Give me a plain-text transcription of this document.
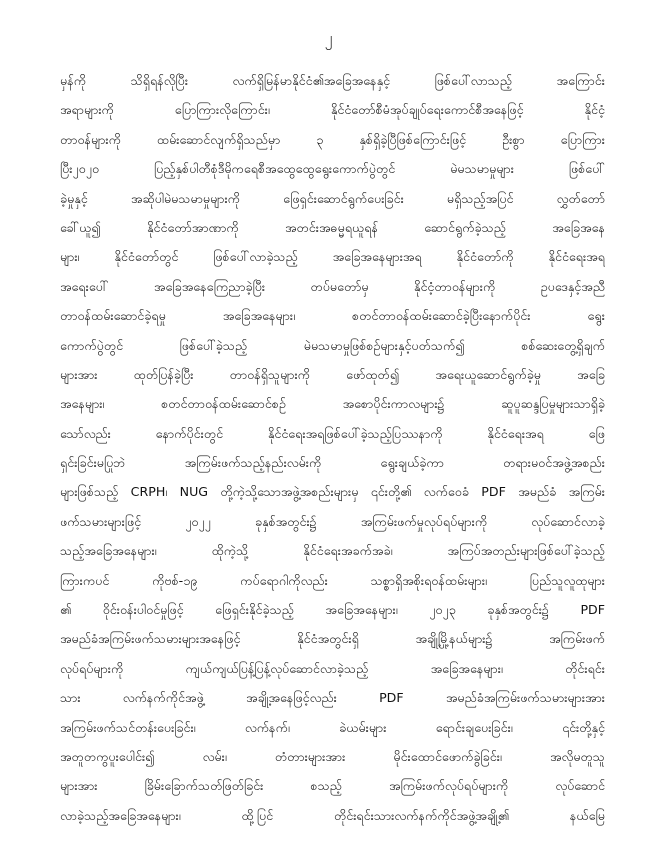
၂
မှန်ကို သိရှိရန်လိုပြီး လက်ရှိမြန်မာနိုင်ငံ၏အခြေအနေနှင့် ဖြစ်ပေါ်လာသည့် အကြောင်း
အရာများကို ပြောကြားလိုကြောင်း၊ နိုင်ငံတော်စီမံအုပ်ချုပ်ရေးကောင်စီအနေဖြင့် နိုင်ငံ့
တာဝန်များကို ထမ်းဆောင်လျက်ရှိသည်မှာ ၃ နှစ်ရှိခဲ့ပြီဖြစ်ကြောင်းဖြင့် ဦးစွာ ပြောကြား
ပြီး၂၀၂၀ ပြည့်နှစ်ပါတီစုံဒီမိုကရေစီအထွေထွေရွေးကောက်ပွဲတွင် မဲမသမာမှုများ ဖြစ်ပေါ်
ခဲ့မှုနှင့် အဆိုပါမဲမသမာမှုများကို ဖြေရှင်းဆောင်ရွက်ပေးခြင်း မရှိသည့်အပြင် လွှတ်တော်
ခေါ်ယူ၍ နိုင်ငံတော်အာဏာကို အတင်းအဓမ္မရယူရန် ဆောင်ရွက်ခဲ့သည့် အခြေအနေ
များ၊ နိုင်ငံတော်တွင် ဖြစ်ပေါ်လာခဲ့သည့် အခြေအနေများအရ နိုင်ငံတော်ကို နိုင်ငံရေးအရ
အရေးပေါ် အခြေအနေကြေညာခဲ့ပြီး တပ်မတော်မှ နိုင်ငံ့တာဝန်များကို ဥပဒေနှင့်အညီ
တာဝန်ထမ်းဆောင်ခဲ့ရမှု အခြေအနေများ၊ စတင်တာဝန်ထမ်းဆောင်ခဲ့ပြီးနောက်ပိုင်း ရွေး
ကောက်ပွဲတွင် ဖြစ်ပေါ်ခဲ့သည့် မဲမသမာမှုဖြစ်စဉ်များနှင့်ပတ်သက်၍ စစ်ဆေးတွေ့ရှိချက်
များအား ထုတ်ပြန်ခဲ့ပြီး တာဝန်ရှိသူများကို ဖော်ထုတ်၍ အရေးယူဆောင်ရွက်ခဲ့မှု အခြေ
အနေများ၊ စတင်တာဝန်ထမ်းဆောင်စဉ် အစောပိုင်းကာလများ၌ ဆူပူဆန္ဒပြမှုများသာရှိခဲ့
သော်လည်း နောက်ပိုင်းတွင် နိုင်ငံရေးအရဖြစ်ပေါ်ခဲ့သည့်ပြဿနာကို နိုင်ငံရေးအရ ဖြေ
ရှင်းခြင်းမပြုဘဲ အကြမ်းဖက်သည့်နည်းလမ်းကို ရွေးချယ်ခဲ့ကာ တရားမဝင်အဖွဲ့အစည်း
များဖြစ်သည့် CRPH၊ NUG တို့ကဲ့သို့သောအဖွဲ့အစည်းများမှ ၎င်းတို့၏ လက်ဝေခံ PDF အမည်ခံ အကြမ်း
ဖက်သမားများဖြင့် ၂၀၂၂ ခုနှစ်အတွင်း၌ အကြမ်းဖက်မှုလုပ်ရပ်များကို လုပ်ဆောင်လာခဲ့
သည့်အခြေအနေများ၊ ထိုကဲ့သို့ နိုင်ငံရေးအခက်အခဲ၊ အကြပ်အတည်းများဖြစ်ပေါ်ခဲ့သည့်
ကြားကပင် ကိုဗစ်-၁၉ ကပ်ရောဂါကိုလည်း သစ္စာရှိအစိုးရဝန်ထမ်းများ၊ ပြည်သူလူထုများ
၏ ဝိုင်းဝန်းပါဝင်မှုဖြင့် ဖြေရှင်းနိုင်ခဲ့သည့် အခြေအနေများ၊ ၂၀၂၃ ခုနှစ်အတွင်း၌ PDF
အမည်ခံအကြမ်းဖက်သမားများအနေဖြင့် နိုင်ငံအတွင်းရှိ အချို့မြို့နယ်များ၌ အကြမ်းဖက်
လုပ်ရပ်များကို ကျယ်ကျယ်ပြန့်ပြန့်လုပ်ဆောင်လာခဲ့သည့် အခြေအနေများ၊ တိုင်းရင်း
သား လက်နက်ကိုင်အဖွဲ့ အချို့အနေဖြင့်လည်း PDF အမည်ခံအကြမ်းဖက်သမားများအား
အကြမ်းဖက်သင်တန်းပေးခြင်း၊ လက်နက်၊ ခဲယမ်းများ ရောင်းချပေးခြင်း၊ ၎င်းတို့နှင့်
အတူတကွပူးပေါင်း၍ လမ်း၊ တံတားများအား မိုင်းထောင်ဖောက်ခွဲခြင်း၊ အလိုမတူသူ
များအား ခြိမ်းခြောက်သတ်ဖြတ်ခြင်း စသည့် အကြမ်းဖက်လုပ်ရပ်များကို လုပ်ဆောင်
လာခဲ့သည့်အခြေအနေများ၊ ထို့ပြင် တိုင်းရင်းသားလက်နက်ကိုင်အဖွဲ့အချို့၏ နယ်မြေ
